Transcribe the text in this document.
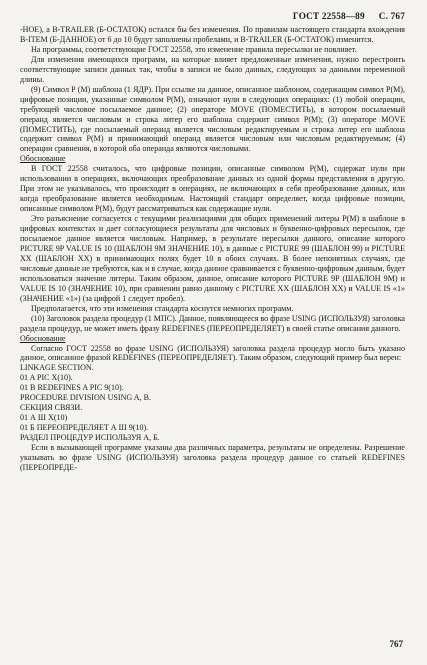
ГОСТ 22558—89 С. 767

-НОЕ), а B-TRAILER (Б-ОСТАТОК) остался бы без изменения. По правилам настоящего стандарта вхождения B-ITEM (Б-ДАННОЕ) от 6 до 10 будут заполнены пробелами, и B-TRAILER (Б-ОСТАТОК) изменится.

На программы, соответствующие ГОСТ 22558, это изменение правила пересылки не повлияет.

Для изменения имеющихся программ, на которые влияет предложенные изменения, нужно перестроить соответствующие записи данных так, чтобы в записи не было данных, следующих за данными переменной длины.

(9) Символ Р (М) шаблона (1 ЯДР). При ссылке на данное, описанное шаблоном, содержащим символ Р(М), цифровые позиции, указанные символом Р(М), означают нули в следующих операциях: (1) любой операции, требующей числовое посылаемое данное; (2) операторе MOVE (ПОМЕСТИТЬ), в котором посылаемый операнд является числовым и строка литер его шаблона содержит символ Р(М); (3) операторе MOVE (ПОМЕСТИТЬ), где посылаемый операнд является числовым редактируемым и строка литер его шаблона содержит символ Р(М) и принимающий операнд является числовым или числовым редактируемым; (4) операции сравнения, в которой оба операнда являются числовыми.

Обоснование

В ГОСТ 22558 считалось, что цифровые позиции, описанные символом Р(М), содержат нули при использовании в операциях, включающих преобразование данных из одной формы представления в другую. При этом не указывалось, что происходит в операциях, не включающих в себя преобразование данных, или когда преобразование является необходимым. Настоящий стандарт определяет, когда цифровые позиции, описанные символом Р(М), будут рассматриваться как содержащие нули.

Это разъяснение согласуется с текущими реализациями для общих применений литеры Р(М) в шаблоне в цифровых контекстах и дает согласующиеся результаты для числовых и буквенно-цифровых пересылок, где посылаемое данное является числовым. Например, в результате пересылки данного, описание которого PICTURE 9P VALUE IS 10 (ШАБЛОН 9М ЗНАЧЕНИЕ 10), в данные с PICTURE 99 (ШАБЛОН 99) и PICTURE XX (ШАБЛОН XX) в принимающих полях будет 10 в обоих случаях. В более непонятных случаях, где числовые данные не требуются, как и в случае, когда данное сравнивается с буквенно-цифровым данным, будет использоваться значение литеры. Таким образом, данное, описание которого PICTURE 9P (ШАБЛОН 9М) и VALUE IS 10 (ЗНАЧЕНИЕ 10), при сравнении равно данному с PICTURE XX (ШАБЛОН XX) и VALUE IS «1» (ЗНАЧЕНИЕ «1») (за цифрой 1 следует пробел).

Предполагается, что эти изменения стандарта коснутся немногих программ.

(10) Заголовок раздела процедур (1 МПС). Данное, появляющееся во фразе USING (ИСПОЛЬЗУЯ) заголовка раздела процедур, не может иметь фразу REDEFINES (ПЕРЕОПРЕДЕЛЯЕТ) в своей статье описания данного.

Обоснование

Согласно ГОСТ 22558 во фразе USING (ИСПОЛЬЗУЯ) заголовка раздела процедур могло быть указано данное, описанное фразой REDEFINES (ПЕРЕОПРЕДЕЛЯЕТ). Таким образом, следующий пример был верен:

LINKAGE SECTION.

01 A PIC X(10).

01 B REDEFINES A PIC 9(10).

PROCEDURE DIVISION USING A, B.

СЕКЦИЯ СВЯЗИ.

01 А Ш X(10)

01 Б ПЕРЕОПРЕДЕЛЯЕТ А Ш 9(10).

РАЗДЕЛ ПРОЦЕДУР ИСПОЛЬЗУЯ А, Б.

Если в вызывающей программе указаны два различных параметра, результаты не определены. Разрешение указывать во фразе USING (ИСПОЛЬЗУЯ) заголовка раздела процедур данное со статьей REDEFINES (ПЕРЕОПРЕДЕ-

767
